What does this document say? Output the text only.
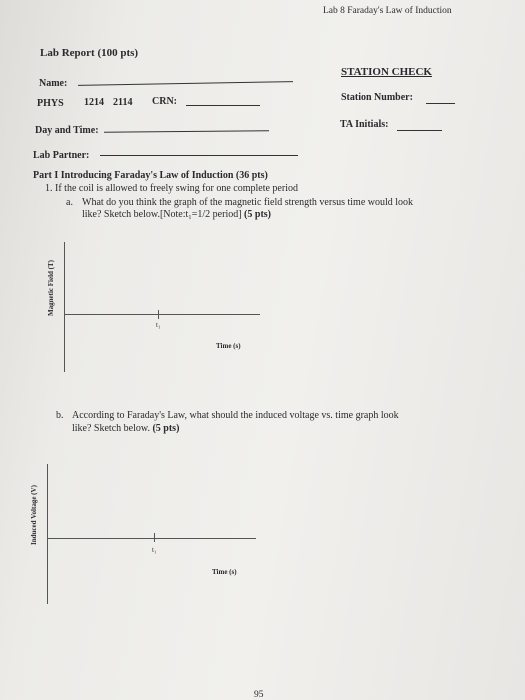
Lab 8 Faraday's Law of Induction
Lab Report (100 pts)
Name:
PHYS 1214 2114 CRN:
Day and Time:
Lab Partner:
STATION CHECK
Station Number:
TA Initials:
Part I Introducing Faraday's Law of Induction (36 pts)
1. If the coil is allowed to freely swing for one complete period
a. What do you think the graph of the magnetic field strength versus time would look
like? Sketch below.[Note:t₁=1/2 period] (5 pts)
t₁
Time (s)
Magnetic Field (T)
b. According to Faraday's Law, what should the induced voltage vs. time graph look
like? Sketch below. (5 pts)
t₁
Time (s)
Induced Voltage (V)
95
